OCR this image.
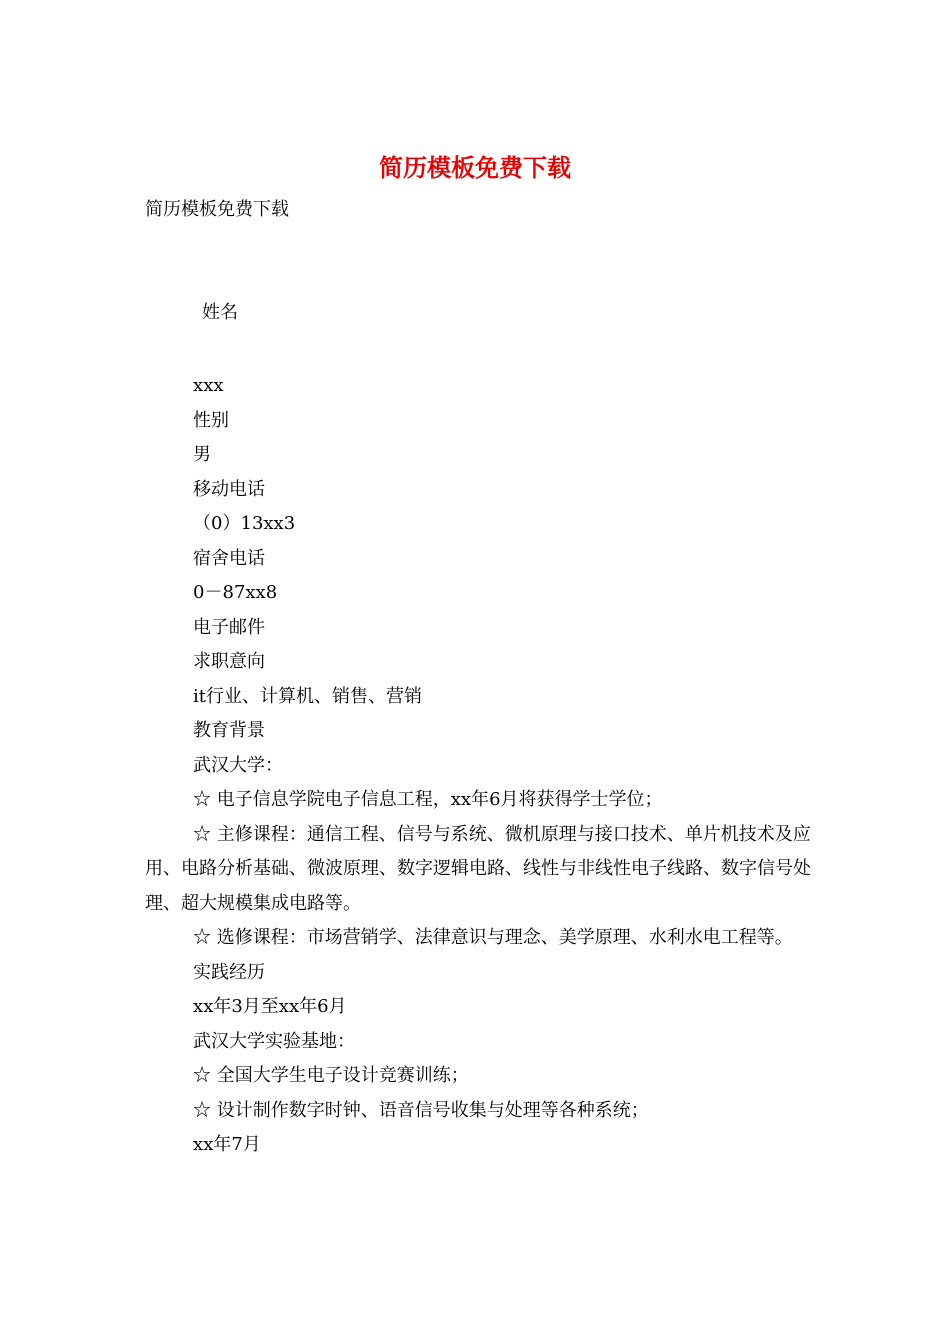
简历模板免费下载

简历模板免费下载

姓名

xxx

性别

男

移动电话

（0）13xx3

宿舍电话

0－87xx8

电子邮件

求职意向

it行业、计算机、销售、营销

教育背景

武汉大学：

☆ 电子信息学院电子信息工程，xx年6月将获得学士学位；

☆ 主修课程：通信工程、信号与系统、微机原理与接口技术、单片机技术及应用、电路分析基础、微波原理、数字逻辑电路、线性与非线性电子线路、数字信号处理、超大规模集成电路等。

☆ 选修课程：市场营销学、法律意识与理念、美学原理、水利水电工程等。

实践经历

xx年3月至xx年6月

武汉大学实验基地：

☆ 全国大学生电子设计竞赛训练；

☆ 设计制作数字时钟、语音信号收集与处理等各种系统；

xx年7月
